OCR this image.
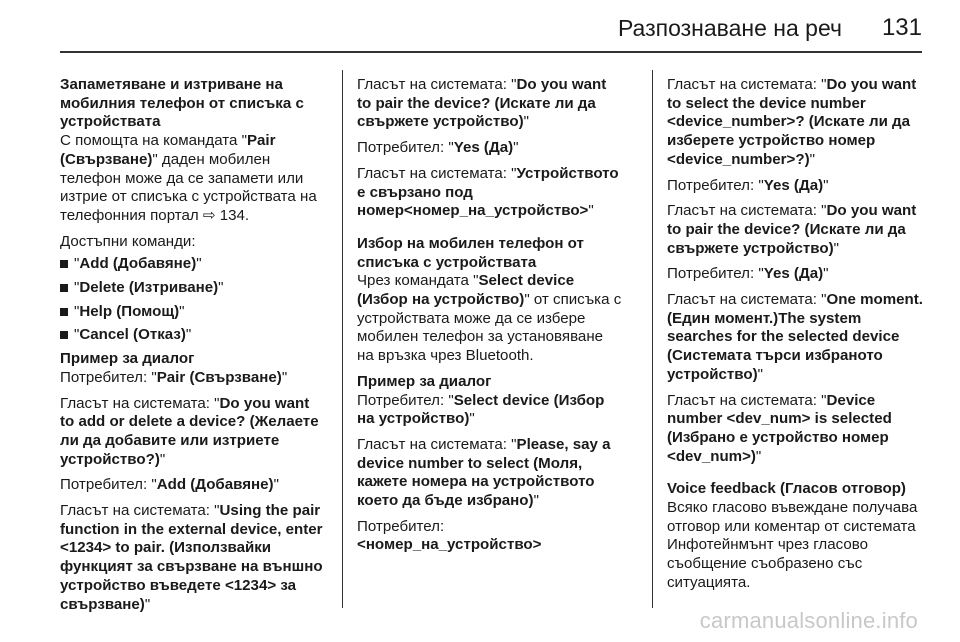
Разпознаване на реч 131

Запаметяване и изтриване на мобилния телефон от списъка с устройствата

С помощта на командата "Pair (Свързване)" даден мобилен телефон може да се запамети или изтрие от списъка с устройствата на телефонния портал ⇨ 134.

Достъпни команди:

"Add (Добавяне)"
"Delete (Изтриване)"
"Help (Помощ)"
"Cancel (Отказ)"

Пример за диалог

Потребител: "Pair (Свързване)"

Гласът на системата: "Do you want to add or delete a device? (Желаете ли да добавите или изтриете устройство?)"

Потребител: "Add (Добавяне)"

Гласът на системата: "Using the pair function in the external device, enter <1234> to pair. (Използвайки функцият за свързване на външно устройство въведете <1234> за свързване)"

Гласът на системата: "Do you want to pair the device? (Искате ли да свържете устройство)"

Потребител: "Yes (Да)"

Гласът на системата: "Устройството е свързано под номер<номер_на_устройство>"

Избор на мобилен телефон от списъка с устройствата

Чрез командата "Select device (Избор на устройство)" от списъка с устройствата може да се избере мобилен телефон за установяване на връзка чрез Bluetooth.

Пример за диалог

Потребител: "Select device (Избор на устройство)"

Гласът на системата: "Please, say a device number to select (Моля, кажете номера на устройството което да бъде избрано)"

Потребител:
<номер_на_устройство>

Гласът на системата: "Do you want to select the device number <device_number>? (Искате ли да изберете устройство номер <device_number>?)"

Потребител: "Yes (Да)"

Гласът на системата: "Do you want to pair the device? (Искате ли да свържете устройство)"

Потребител: "Yes (Да)"

Гласът на системата: "One moment. (Един момент.)The system searches for the selected device (Системата търси избраното устройство)"

Гласът на системата: "Device number <dev_num> is selected (Избрано е устройство номер <dev_num>)"

Voice feedback (Гласов отговор)

Всяко гласово въвеждане получава отговор или коментар от системата Инфотейнмънт чрез гласово съобщение съобразено със ситуацията.

carmanualsonline.info
